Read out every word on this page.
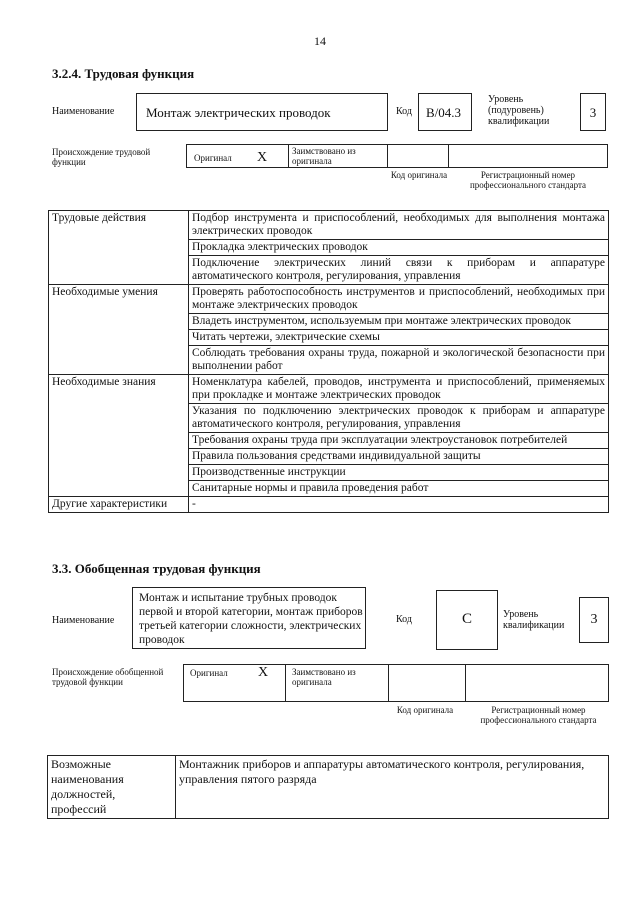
14
3.2.4. Трудовая функция
Наименование Монтаж электрических проводок	Код B/04.3
Уровень (подуровень) квалификации
3
Происхождение трудовой функции	Оригинал X	Заимствовано из оригинала
Код оригинала	Регистрационный номер профессионального стандарта
Трудовые действия	Подбор инструмента и приспособлений, необходимых для выполнения монтажа электрических проводок
	Прокладка электрических проводок
	Подключение электрических линий связи к приборам и аппаратуре автоматического контроля, регулирования, управления
Необходимые умения	Проверять работоспособность инструментов и приспособлений, необходимых при монтаже электрических проводок
	Владеть инструментом, используемым при монтаже электрических проводок
	Читать чертежи, электрические схемы
	Соблюдать требования охраны труда, пожарной и экологической безопасности при выполнении работ
Необходимые знания	Номенклатура кабелей, проводов, инструмента и приспособлений, применяемых при прокладке и монтаже электрических проводок
	Указания по подключению электрических проводок к приборам и аппаратуре автоматического контроля, регулирования, управления
	Требования охраны труда при эксплуатации электроустановок потребителей
	Правила пользования средствами индивидуальной защиты
	Производственные инструкции
	Санитарные нормы и правила проведения работ
Другие характеристики	-
3.3. Обобщенная трудовая функция
Наименование
Монтаж и испытание трубных проводок первой и второй категории, монтаж приборов третьей категории сложности, электрических проводок
Код	C	Уровень квалификации	3
Происхождение обобщенной трудовой функции
Оригинал X	Заимствовано из оригинала
Код оригинала	Регистрационный номер профессионального стандарта
Возможные наименования должностей, профессий	Монтажник приборов и аппаратуры автоматического контроля, регулирования, управления пятого разряда
